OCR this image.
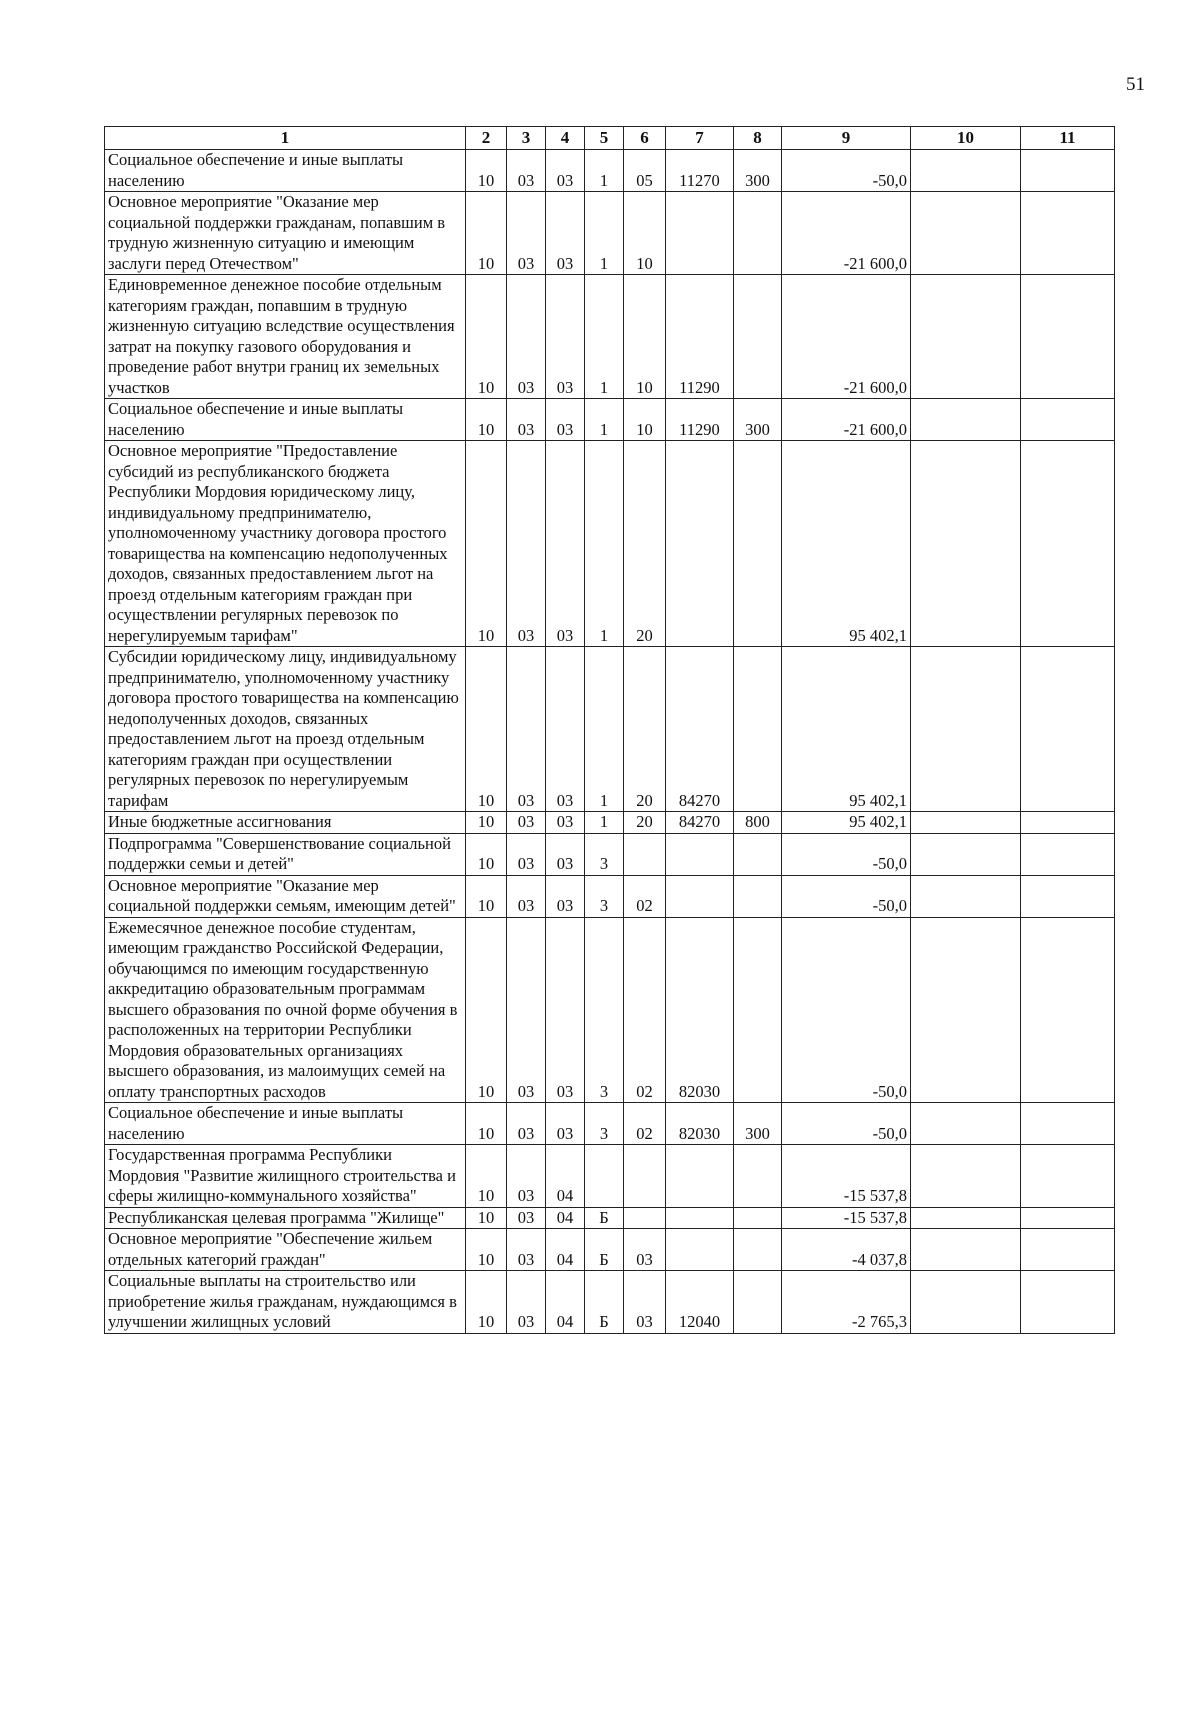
51
1	2	3	4	5	6	7	8	9	10	11
Социальное обеспечение и иные выплаты населению	10	03	03	1	05	11270	300	-50,0		
Основное мероприятие "Оказание мер социальной поддержки гражданам, попавшим в трудную жизненную ситуацию и имеющим заслуги перед Отечеством"	10	03	03	1	10			-21 600,0		
Единовременное денежное пособие отдельным категориям граждан, попавшим в трудную жизненную ситуацию вследствие осуществления затрат на покупку газового оборудования и проведение работ внутри границ их земельных участков	10	03	03	1	10	11290		-21 600,0		
Социальное обеспечение и иные выплаты населению	10	03	03	1	10	11290	300	-21 600,0		
Основное мероприятие "Предоставление субсидий из республиканского бюджета Республики Мордовия юридическому лицу, индивидуальному предпринимателю, уполномоченному участнику договора простого товарищества на компенсацию недополученных доходов, связанных предоставлением льгот на проезд отдельным категориям граждан при осуществлении регулярных перевозок по нерегулируемым тарифам"	10	03	03	1	20			95 402,1		
Субсидии юридическому лицу, индивидуальному предпринимателю, уполномоченному участнику договора простого товарищества на компенсацию недополученных доходов, связанных предоставлением льгот на проезд отдельным категориям граждан при осуществлении регулярных перевозок по нерегулируемым тарифам	10	03	03	1	20	84270		95 402,1		
Иные бюджетные ассигнования	10	03	03	1	20	84270	800	95 402,1		
Подпрограмма "Совершенствование социальной поддержки семьи и детей"	10	03	03	3				-50,0		
Основное мероприятие "Оказание мер социальной поддержки семьям, имеющим детей"	10	03	03	3	02			-50,0		
Ежемесячное денежное пособие студентам, имеющим гражданство Российской Федерации, обучающимся по имеющим государственную аккредитацию образовательным программам высшего образования по очной форме обучения в расположенных на территории Республики Мордовия образовательных организациях высшего образования, из малоимущих семей на оплату транспортных расходов	10	03	03	3	02	82030		-50,0		
Социальное обеспечение и иные выплаты населению	10	03	03	3	02	82030	300	-50,0		
Государственная программа Республики Мордовия "Развитие жилищного строительства и сферы жилищно-коммунального хозяйства"	10	03	04					-15 537,8		
Республиканская целевая программа "Жилище"	10	03	04	Б				-15 537,8		
Основное мероприятие "Обеспечение жильем отдельных категорий граждан"	10	03	04	Б	03			-4 037,8		
Социальные выплаты на строительство или приобретение жилья гражданам, нуждающимся в улучшении жилищных условий	10	03	04	Б	03	12040		-2 765,3		
